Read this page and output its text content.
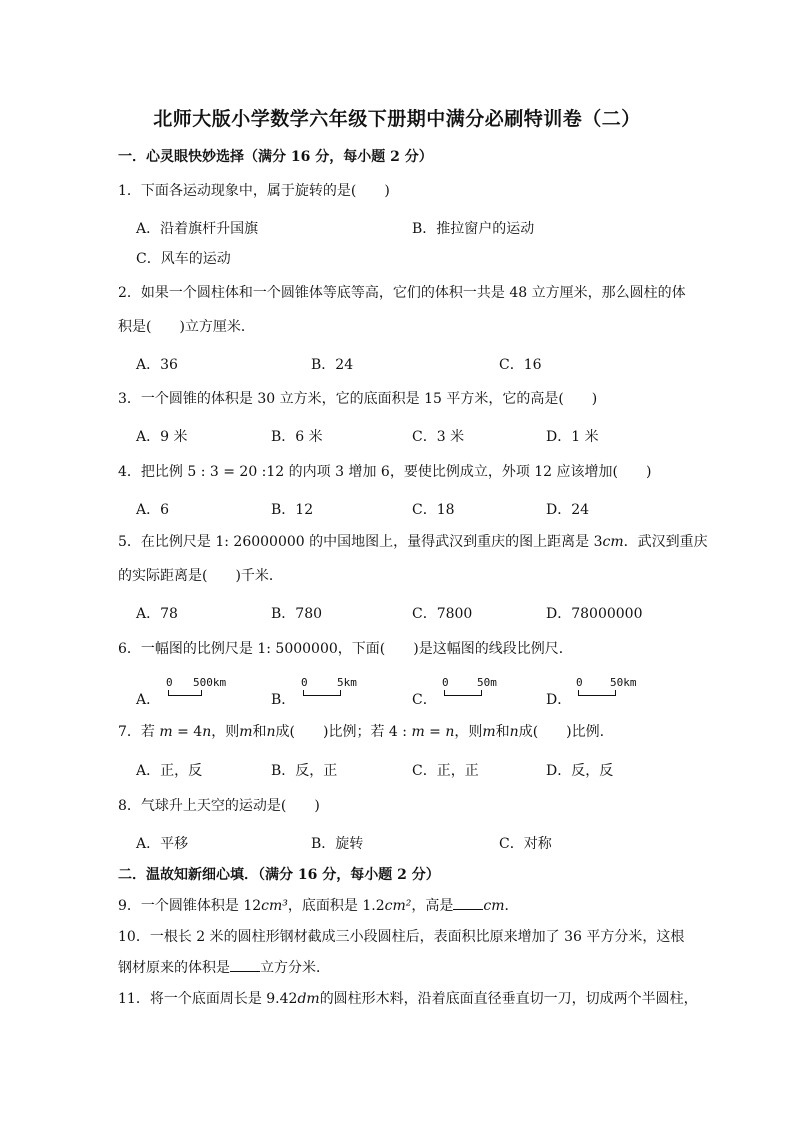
北师大版小学数学六年级下册期中满分必刷特训卷（二）
一．心灵眼快妙选择（满分 16 分，每小题 2 分）
1．下面各运动现象中，属于旋转的是(　　)
A．沿着旗杆升国旗	B．推拉窗户的运动
C．风车的运动
2．如果一个圆柱体和一个圆锥体等底等高，它们的体积一共是 48 立方厘米，那么圆柱的体
积是(　　)立方厘米．
A．36	B．24	C．16
3．一个圆锥的体积是 30 立方米，它的底面积是 15 平方米，它的高是(　　)
A．9 米	B．6 米	C．3 米	D．1 米
4．把比例 5 : 3 = 20 :12 的内项 3 增加 6，要使比例成立，外项 12 应该增加(　　)
A．6	B．12	C．18	D．24
5．在比例尺是 1: 26000000 的中国地图上，量得武汉到重庆的图上距离是 3cm．武汉到重庆
的实际距离是(　　)千米．
A．78	B．780	C．7800	D．78000000
6．一幅图的比例尺是 1: 5000000，下面(　　)是这幅图的线段比例尺．
A．
0 500km
B．
0	5km
C．
0	50m
D．
0 50km
7．若 m = 4n，则m和n成(　　)比例；若 4 : m = n，则m和n成(　　)比例.
A．正，反	B．反，正	C．正，正	D．反，反
8．气球升上天空的运动是(　　)
A．平移	B．旋转	C．对称
二．温故知新细心填．（满分 16 分，每小题 2 分）
9．一个圆锥体积是 12cm³，底面积是 1.2cm²，高是 cm．
10．一根长 2 米的圆柱形钢材截成三小段圆柱后，表面积比原来增加了 36 平方分米，这根
钢材原来的体积是 立方分米．
11．将一个底面周长是 9.42dm的圆柱形木料，沿着底面直径垂直切一刀，切成两个半圆柱，
